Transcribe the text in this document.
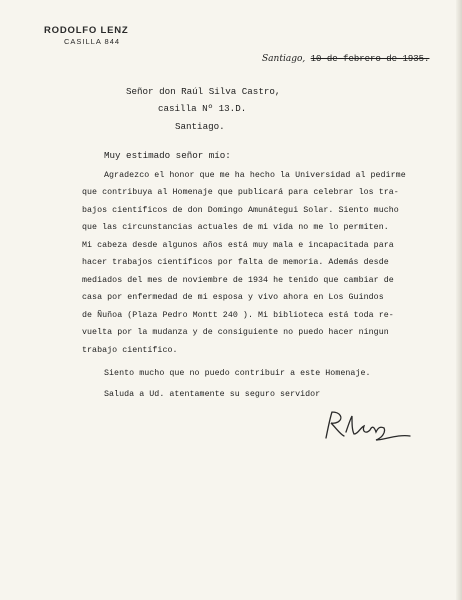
RODOLFO LENZ
CASILLA 844
Santiago, 10 de febrero de 1935.
Señor don Raúl Silva Castro,
casilla Nº 13.D.
Santiago.
Muy estimado señor mío:
Agradezco el honor que me ha hecho la Universidad al pedirme
que contribuya al Homenaje que publicará para celebrar los tra-
bajos científicos de don Domingo Amunátegui Solar. Siento mucho
que las circunstancias actuales de mi vida no me lo permiten.
Mi cabeza desde algunos años está muy mala e incapacitada para
hacer trabajos científicos por falta de memoria. Además desde
mediados del mes de noviembre de 1934 he tenido que cambiar de
casa por enfermedad de mi esposa y vivo ahora en Los Guindos
de Ñuñoa (Plaza Pedro Montt 240 ). Mi biblioteca está toda re-
vuelta por la mudanza y de consiguiente no puedo hacer ningun
trabajo científico.
Siento mucho que no puedo contribuir a este Homenaje.
Saluda a Ud. atentamente su seguro servidor
